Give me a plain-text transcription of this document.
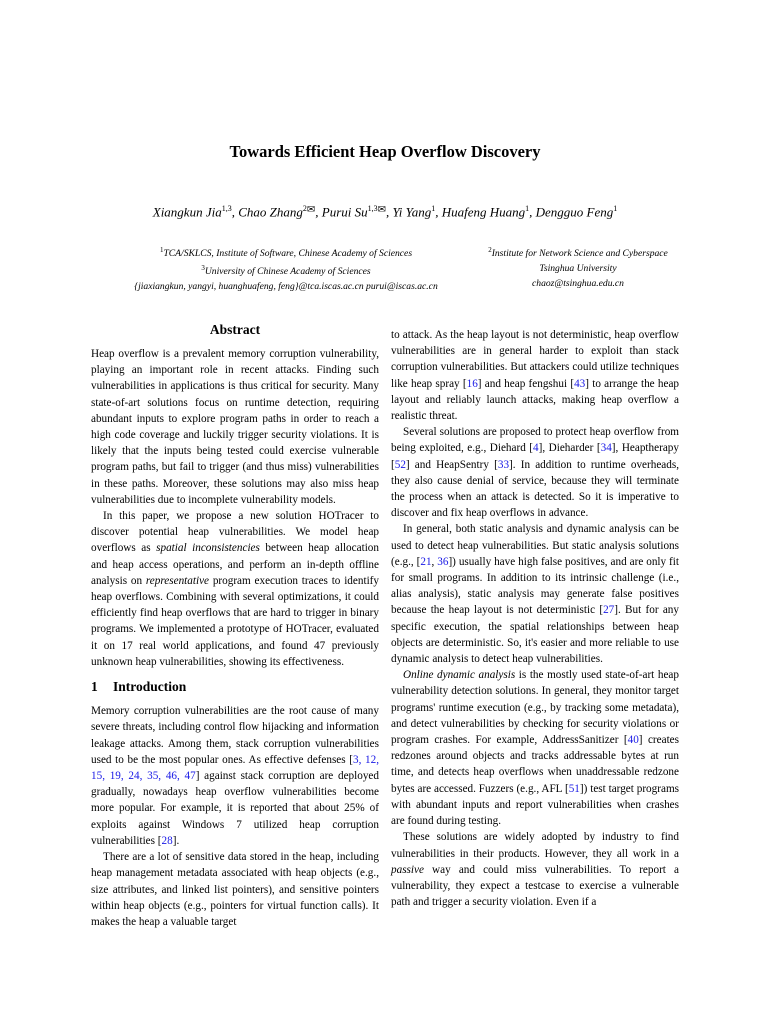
Towards Efficient Heap Overflow Discovery
Xiangkun Jia$^{1,3}$, Chao Zhang$^{2✉}$, Purui $Su^{1,3✉}$, Yi Yang$^1$, Huafeng Huang$^1$, Dengguo Feng$^1$
$^1$TCA/SKLCS, Institute of Software, Chinese Academy of Sciences
$^3$University of Chinese Academy of Sciences
{jiaxiangkun, yangyi, huanghuafeng, feng}@tca.iscas.ac.cn purui@iscas.ac.cn
$^2$Institute for Network Science and Cyberspace
Tsinghua University
chaoz@tsinghua.edu.cn
Abstract

Heap overflow is a prevalent memory corruption vulnerability, playing an important role in recent attacks. Finding such vulnerabilities in applications is thus critical for security. Many state-of-art solutions focus on runtime detection, requiring abundant inputs to explore program paths in order to reach a high code coverage and luckily trigger security violations. It is likely that the inputs being tested could exercise vulnerable program paths, but fail to trigger (and thus miss) vulnerabilities in these paths. Moreover, these solutions may also miss heap vulnerabilities due to incomplete vulnerability models.

In this paper, we propose a new solution HOTracer to discover potential heap vulnerabilities. We model heap overflows as spatial inconsistencies between heap allocation and heap access operations, and perform an in-depth offline analysis on representative program execution traces to identify heap overflows. Combining with several optimizations, it could efficiently find heap overflows that are hard to trigger in binary programs. We implemented a prototype of HOTracer, evaluated it on 17 real world applications, and found 47 previously unknown heap vulnerabilities, showing its effectiveness.

1 Introduction

Memory corruption vulnerabilities are the root cause of many severe threats, including control flow hijacking and information leakage attacks. Among them, stack corruption vulnerabilities used to be the most popular ones. As effective defenses [3, 12, 15, 19, 24, 35, 46, 47] against stack corruption are deployed gradually, nowadays heap overflow vulnerabilities become more popular. For example, it is reported that about 25% of exploits against Windows 7 utilized heap corruption vulnerabilities [28].

There are a lot of sensitive data stored in the heap, including heap management metadata associated with heap objects (e.g., size attributes, and linked list pointers), and sensitive pointers within heap objects (e.g., pointers for virtual function calls). It makes the heap a valuable target

to attack. As the heap layout is not deterministic, heap overflow vulnerabilities are in general harder to exploit than stack corruption vulnerabilities. But attackers could utilize techniques like heap spray [16] and heap fengshui [43] to arrange the heap layout and reliably launch attacks, making heap overflow a realistic threat.

Several solutions are proposed to protect heap overflow from being exploited, e.g., Diehard [4], Dieharder [34], Heaptherapy [52] and HeapSentry [33]. In addition to runtime overheads, they also cause denial of service, because they will terminate the process when an attack is detected. So it is imperative to discover and fix heap overflows in advance.

In general, both static analysis and dynamic analysis can be used to detect heap vulnerabilities. But static analysis solutions (e.g., [21, 36]) usually have high false positives, and are only fit for small programs. In addition to its intrinsic challenge (i.e., alias analysis), static analysis may generate false positives because the heap layout is not deterministic [27]. But for any specific execution, the spatial relationships between heap objects are deterministic. So, it's easier and more reliable to use dynamic analysis to detect heap vulnerabilities.

Online dynamic analysis is the mostly used state-of-art heap vulnerability detection solutions. In general, they monitor target programs' runtime execution (e.g., by tracking some metadata), and detect vulnerabilities by checking for security violations or program crashes. For example, AddressSanitizer [40] creates redzones around objects and tracks addressable bytes at run time, and detects heap overflows when unaddressable redzone bytes are accessed. Fuzzers (e.g., AFL [51]) test target programs with abundant inputs and report vulnerabilities when crashes are found during testing.

These solutions are widely adopted by industry to find vulnerabilities in their products. However, they all work in a passive way and could miss vulnerabilities. To report a vulnerability, they expect a testcase to exercise a vulnerable path and trigger a security violation. Even if a
